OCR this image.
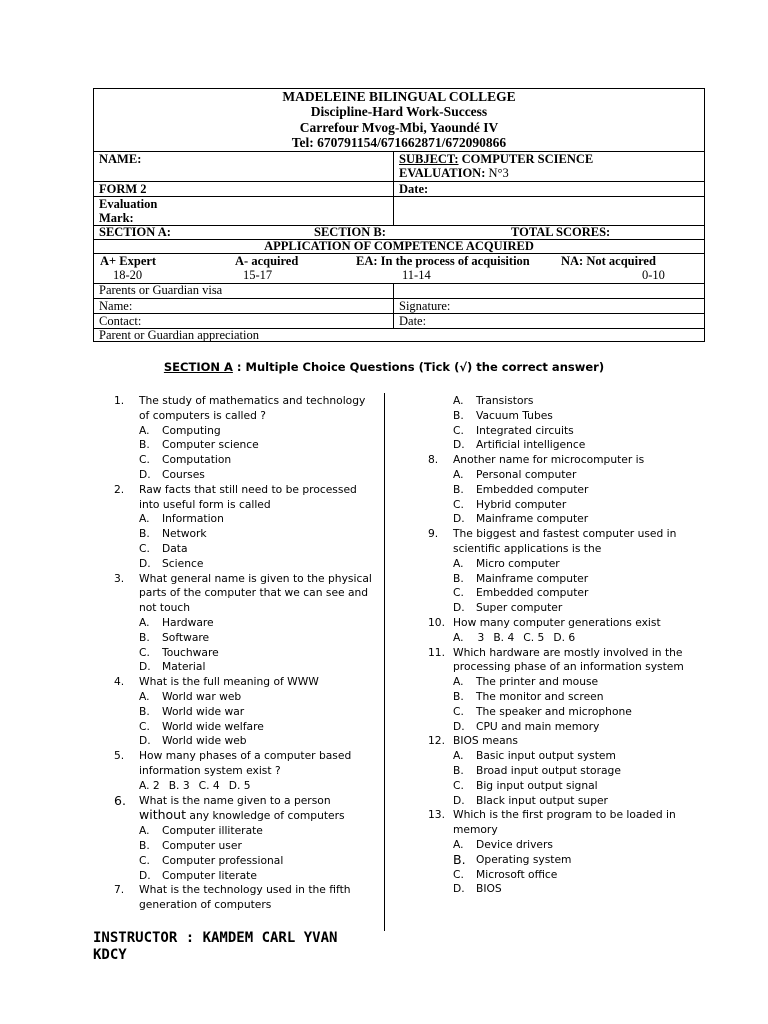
MADELEINE BILINGUAL COLLEGE
Discipline-Hard Work-Success
Carrefour Mvog-Mbi, Yaoundé IV
Tel: 670791154/671662871/672090866
NAME:	SUBJECT: COMPUTER SCIENCE
EVALUATION: N°3
FORM 2	Date:
Evaluation
Mark:
SECTION A:	SECTION B:	TOTAL SCORES:
APPLICATION OF COMPETENCE ACQUIRED
A+ Expert	A- acquired	EA: In the process of acquisition	NA: Not acquired
18-20	15-17	11-14	0-10
Parents or Guardian visa
Name:	Signature:
Contact:	Date:
Parent or Guardian appreciation
SECTION A : Multiple Choice Questions (Tick (√) the correct answer)
1.	The study of mathematics and technology of computers is called ?
A.	Computing
B.	Computer science
C.	Computation
D.	Courses
2.	Raw facts that still need to be processed into useful form is called
A.	Information
B.	Network
C.	Data
D.	Science
3.	What general name is given to the physical parts of the computer that we can see and not touch
A.	Hardware
B.	Software
C.	Touchware
D.	Material
4.	What is the full meaning of WWW
A.	World war web
B.	World wide war
C.	World wide welfare
D.	World wide web
5.	How many phases of a computer based information system exist ?
A. 2 B. 3 C. 4 D. 5
6.	What is the name given to a person without any knowledge of computers
A.	Computer illiterate
B.	Computer user
C.	Computer professional
D.	Computer literate
7.	What is the technology used in the fifth generation of computers
A.	Transistors
B.	Vacuum Tubes
C.	Integrated circuits
D.	Artificial intelligence
8.	Another name for microcomputer is
A.	Personal computer
B.	Embedded computer
C.	Hybrid computer
D.	Mainframe computer
9.	The biggest and fastest computer used in scientific applications is the
A.	Micro computer
B.	Mainframe computer
C.	Embedded computer
D.	Super computer
10. How many computer generations exist
A. 3 B. 4 C. 5 D. 6
11. Which hardware are mostly involved in the processing phase of an information system
A.	The printer and mouse
B.	The monitor and screen
C.	The speaker and microphone
D.	CPU and main memory
12. BIOS means
A.	Basic input output system
B.	Broad input output storage
C.	Big input output signal
D.	Black input output super
13. Which is the first program to be loaded in memory
A.	Device drivers
B. Operating system
C.	Microsoft office
D.	BIOS
INSTRUCTOR : KAMDEM CARL YVAN
KDCY
